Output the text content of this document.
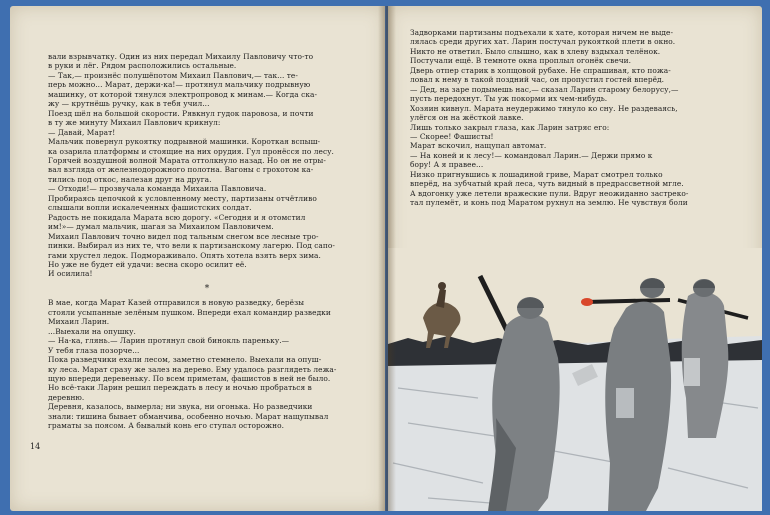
вали взрывчатку. Один из них передал Михаилу Павловичу что-то

в руки и лёг. Рядом расположились остальные.

— Так,— произнёс полушёпотом Михаил Павлович,— так... те-

перь можно... Марат, держи-ка!— протянул мальчику подрывную

машинку, от которой тянулся электропровод к минам.— Когда ска-

жу — крутнёшь ручку, как в тебя учил...

Поезд шёл на большой скорости. Рявкнул гудок паровоза, и почти

в ту же минуту Михаил Павлович крикнул:

— Давай, Марат!

Мальчик повернул рукоятку подрывной машинки. Короткая вспыш-

ка озарила платформы и стоящие на них орудия. Гул пронёсся по лесу.

Горячей воздушной волной Марата оттолкнуло назад. Но он не отры-

вал взгляда от железнодорожного полотна. Вагоны с грохотом ка-

тились под откос, налезая друг на друга.

— Отходи!— прозвучала команда Михаила Павловича.

Пробираясь цепочкой к условленному месту, партизаны отчётливо

слышали вопли искалеченных фашистских солдат.

Радость не покидала Марата всю дорогу. «Сегодня и я отомстил

им!»— думал мальчик, шагая за Михаилом Павловичем.

Михаил Павлович точно видел под тальным снегом все лесные тро-

пинки. Выбирал из них те, что вели к партизанскому лагерю. Под сапо-

гами хрустел ледок. Подмораживало. Опять хотела взять верх зима.

Но уже не будет ей удачи: весна скоро осилит её.

И осилила!

*

В мае, когда Марат Казей отправился в новую разведку, берёзы

стояли усыпанные зелёным пушком. Впереди ехал командир разведки

Михаил Ларин.

...Выехали на опушку.

— На-ка, глянь.— Ларин протянул свой бинокль пареньку.—

У тебя глаза позорче...

Пока разведчики ехали лесом, заметно стемнело. Выехали на опуш-

ку леса. Марат сразу же залез на дерево. Ему удалось разглядеть лежа-

щую впереди деревеньку. По всем приметам, фашистов в ней не было.

Но всё-таки Ларин решил переждать в лесу и ночью пробраться в

деревню.

Деревня, казалось, вымерла; ни звука, ни огонька. Но разведчики

знали: тишина бывает обманчива, особенно ночью. Марат нащупывал

граматы за поясом. А бывалый конь его ступал осторожно.

14

Задворками партизаны подъехали к хате, которая ничем не выде-

лялась среди других хат. Ларин постучал рукояткой плети в окно.

Никто не ответил. Было слышно, как в хлеву вздыхал телёнок.

Постучали ещё. В темноте окна проплыл огонёк свечи.

Дверь отпер старик в холщовой рубахе. Не спрашивая, кто пожа-

ловал к нему в такой поздний час, он пропустил гостей вперёд.

— Дед, на заре подымешь нас,— сказал Ларин старому белорусу,—

пусть передохнут. Ты уж покорми их чем-нибудь.

Хозяин кивнул. Марата неудержимо тянуло ко сну. Не раздеваясь,

улёгся он на жёсткой лавке.

Лишь только закрыл глаза, как Ларин затряс его:

— Скорее! Фашисты!

Марат вскочил, нащупал автомат.

— На коней и к лесу!— командовал Ларин.— Держи прямо к

бору! А я правее...

Низко пригнувшись к лошадиной гриве, Марат смотрел только

вперёд, на зубчатый край леса, чуть видный в предрассветной мгле.

А вдогонку уже летели вражеские пули. Вдруг неожиданно застреко-

тал пулемёт, и конь под Маратом рухнул на землю. Не чувствуя боли
